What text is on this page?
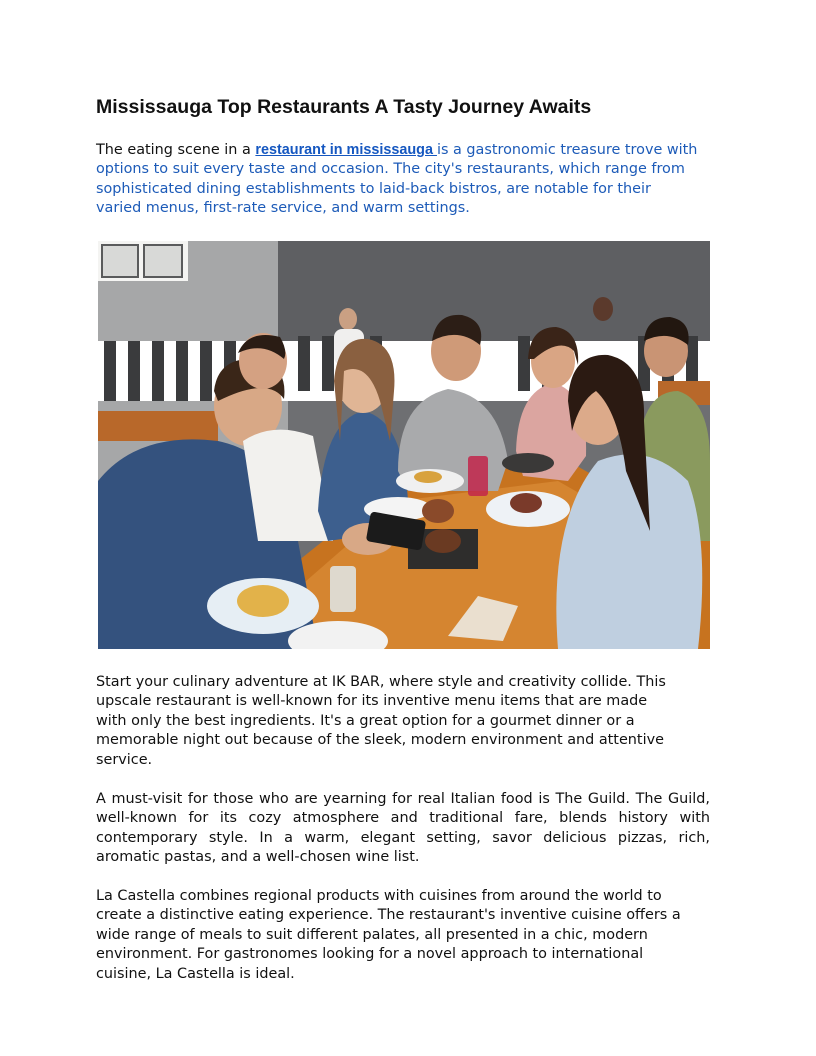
Mississauga Top Restaurants A Tasty Journey Awaits

The eating scene in a restaurant in mississauga is a gastronomic treasure trove with
options to suit every taste and occasion. The city's restaurants, which range from
sophisticated dining establishments to laid-back bistros, are notable for their
varied menus, first-rate service, and warm settings.

Start your culinary adventure at IK BAR, where style and creativity collide. This
upscale restaurant is well-known for its inventive menu items that are made
with only the best ingredients. It's a great option for a gourmet dinner or a
memorable night out because of the sleek, modern environment and attentive
service.

A must-visit for those who are yearning for real Italian food is The Guild. The Guild,
well-known for its cozy atmosphere and traditional fare, blends history with
contemporary style. In a warm, elegant setting, savor delicious pizzas, rich,
aromatic pastas, and a well-chosen wine list.

La Castella combines regional products with cuisines from around the world to
create a distinctive eating experience. The restaurant's inventive cuisine offers a
wide range of meals to suit different palates, all presented in a chic, modern
environment. For gastronomes looking for a novel approach to international
cuisine, La Castella is ideal.
